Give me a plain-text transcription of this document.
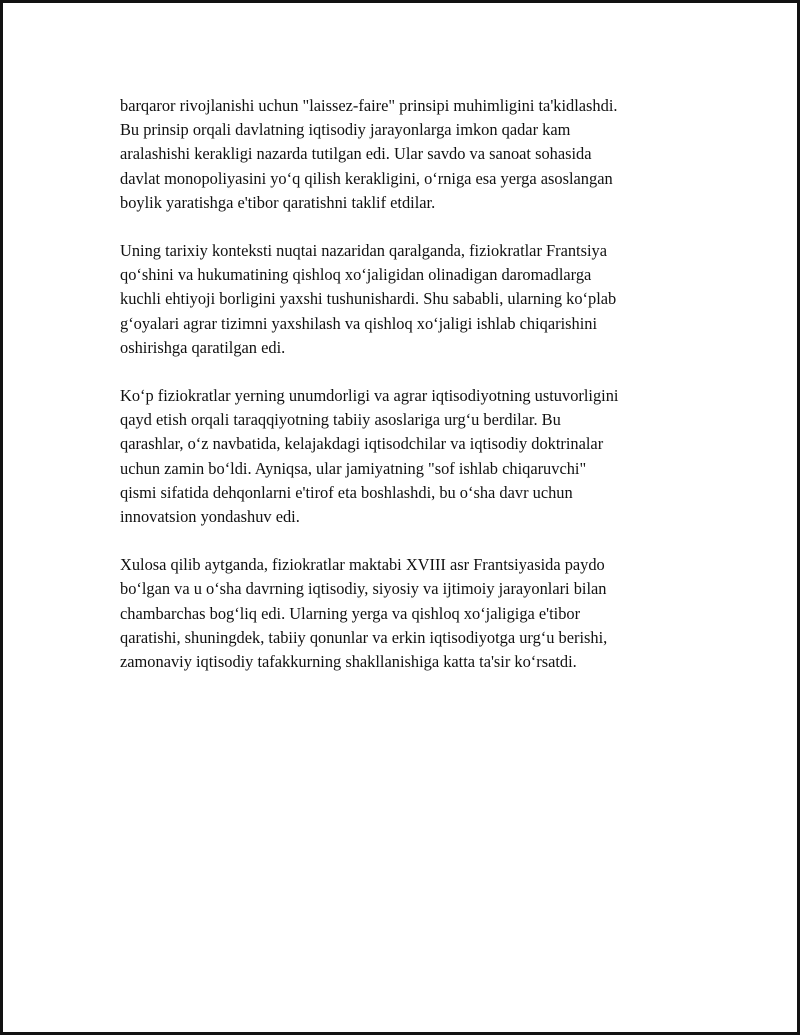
barqaror rivojlanishi uchun "laissez-faire" prinsipi muhimligini ta'kidlashdi.
Bu prinsip orqali davlatning iqtisodiy jarayonlarga imkon qadar kam
aralashishi kerakligi nazarda tutilgan edi. Ular savdo va sanoat sohasida
davlat monopoliyasini yo‘q qilish kerakligini, o‘rniga esa yerga asoslangan
boylik yaratishga e'tibor qaratishni taklif etdilar.

Uning tarixiy konteksti nuqtai nazaridan qaralganda, fiziokratlar Frantsiya
qo‘shini va hukumatining qishloq xo‘jaligidan olinadigan daromadlarga
kuchli ehtiyoji borligini yaxshi tushunishardi. Shu sababli, ularning ko‘plab
g‘oyalari agrar tizimni yaxshilash va qishloq xo‘jaligi ishlab chiqarishini
oshirishga qaratilgan edi.

Ko‘p fiziokratlar yerning unumdorligi va agrar iqtisodiyotning ustuvorligini
qayd etish orqali taraqqiyotning tabiiy asoslariga urg‘u berdilar. Bu
qarashlar, o‘z navbatida, kelajakdagi iqtisodchilar va iqtisodiy doktrinalar
uchun zamin bo‘ldi. Ayniqsa, ular jamiyatning "sof ishlab chiqaruvchi"
qismi sifatida dehqonlarni e'tirof eta boshlashdi, bu o‘sha davr uchun
innovatsion yondashuv edi.

Xulosa qilib aytganda, fiziokratlar maktabi XVIII asr Frantsiyasida paydo
bo‘lgan va u o‘sha davrning iqtisodiy, siyosiy va ijtimoiy jarayonlari bilan
chambarchas bog‘liq edi. Ularning yerga va qishloq xo‘jaligiga e'tibor
qaratishi, shuningdek, tabiiy qonunlar va erkin iqtisodiyotga urg‘u berishi,
zamonaviy iqtisodiy tafakkurning shakllanishiga katta ta'sir ko‘rsatdi.
